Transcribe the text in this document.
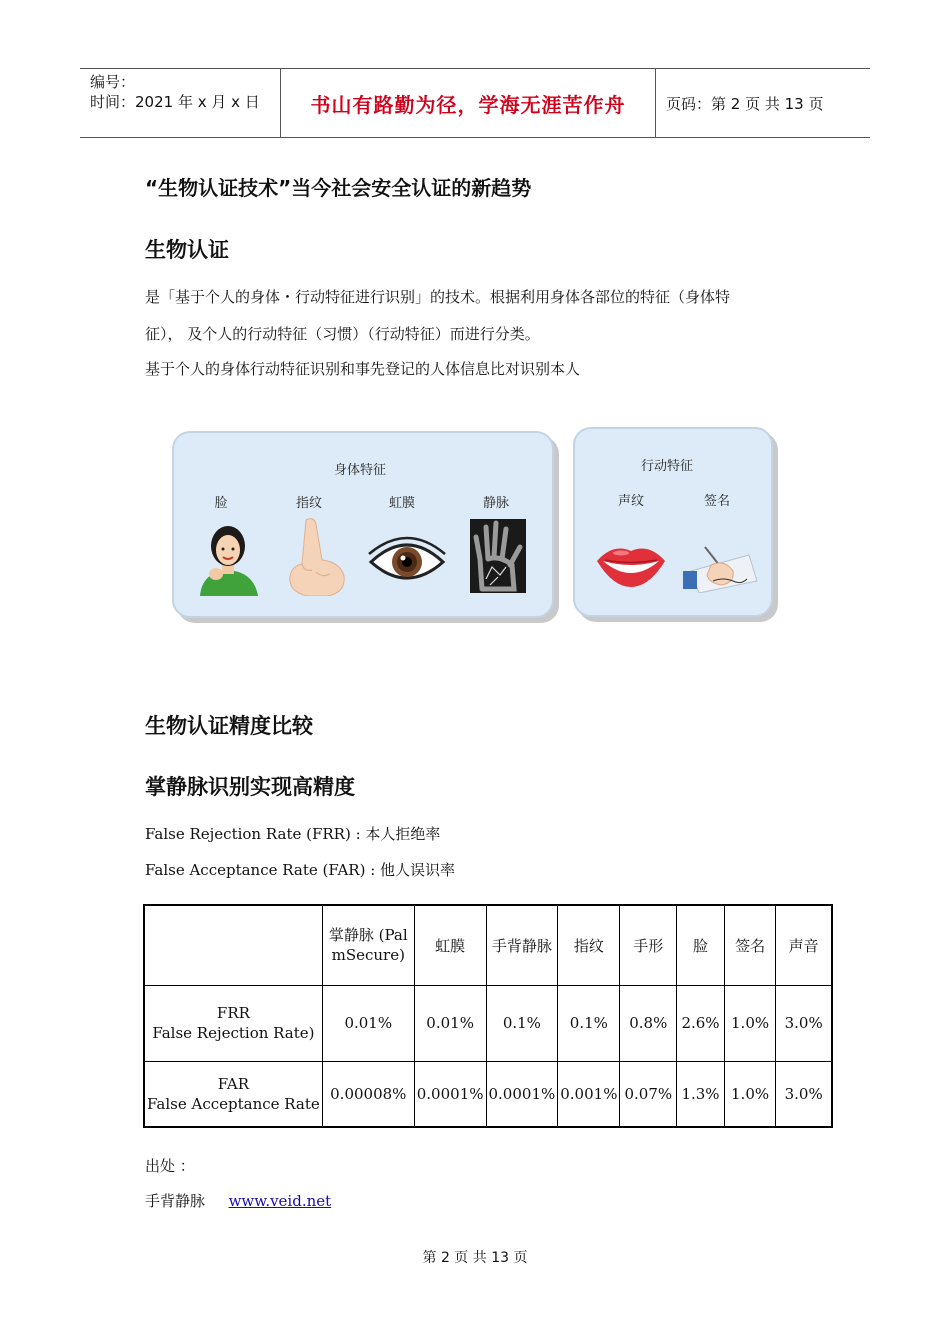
编号：
时间：2021 年 x 月 x 日	书山有路勤为径，学海无涯苦作舟	页码：第 2 页 共 13 页
“生物认证技术”当今社会安全认证的新趋势
生物认证
是「基于个人的身体・行动特征进行识别」的技术。根据利用身体各部位的特征（身体特
征）， 及个人的行动特征（习惯）（行动特征）而进行分类。
基于个人的身体行动特征识别和事先登记的人体信息比对识别本人
身体特征
脸	指纹	虹膜	静脉
行动特征
声纹	签名
生物认证精度比较
掌静脉识别实现高精度
False Rejection Rate (FRR) : 本人拒绝率
False Acceptance Rate (FAR) : 他人误识率
	掌静脉 (PalmSecure)	虹膜	手背静脉	指纹	手形	脸	签名	声音

FRR
False Rejection Rate)	0.01%	0.01%	0.1%	0.1%	0.8%	2.6%	1.0%	3.0%

FAR
False Acceptance Rate	0.00008%	0.0001%	0.0001%	0.001%	0.07%	1.3%	1.0%	3.0%
出处 ：
手背静脉 www.veid.net
第 2 页 共 13 页
